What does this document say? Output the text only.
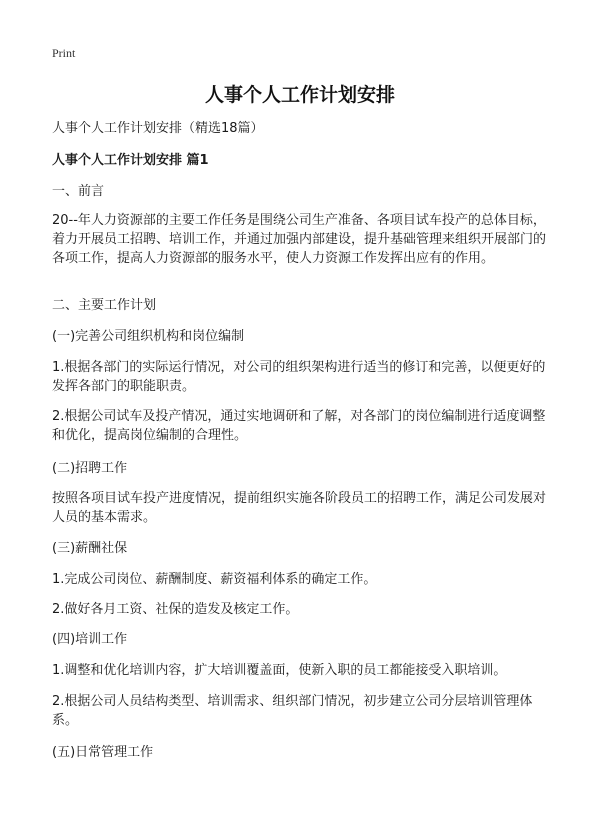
Print
人事个人工作计划安排

人事个人工作计划安排（精选18篇）

人事个人工作计划安排 篇1

一、前言

20--年人力资源部的主要工作任务是围绕公司生产准备、各项目试车投产的总体目标，着力开展员工招聘、培训工作，并通过加强内部建设，提升基础管理来组织开展部门的各项工作，提高人力资源部的服务水平，使人力资源工作发挥出应有的作用。

二、主要工作计划

(一)完善公司组织机构和岗位编制

1.根据各部门的实际运行情况，对公司的组织架构进行适当的修订和完善，以便更好的发挥各部门的职能职责。

2.根据公司试车及投产情况，通过实地调研和了解，对各部门的岗位编制进行适度调整和优化，提高岗位编制的合理性。

(二)招聘工作

按照各项目试车投产进度情况，提前组织实施各阶段员工的招聘工作，满足公司发展对人员的基本需求。

(三)薪酬社保

1.完成公司岗位、薪酬制度、薪资福利体系的确定工作。

2.做好各月工资、社保的造发及核定工作。

(四)培训工作

1.调整和优化培训内容，扩大培训覆盖面，使新入职的员工都能接受入职培训。

2.根据公司人员结构类型、培训需求、组织部门情况，初步建立公司分层培训管理体系。

(五)日常管理工作
